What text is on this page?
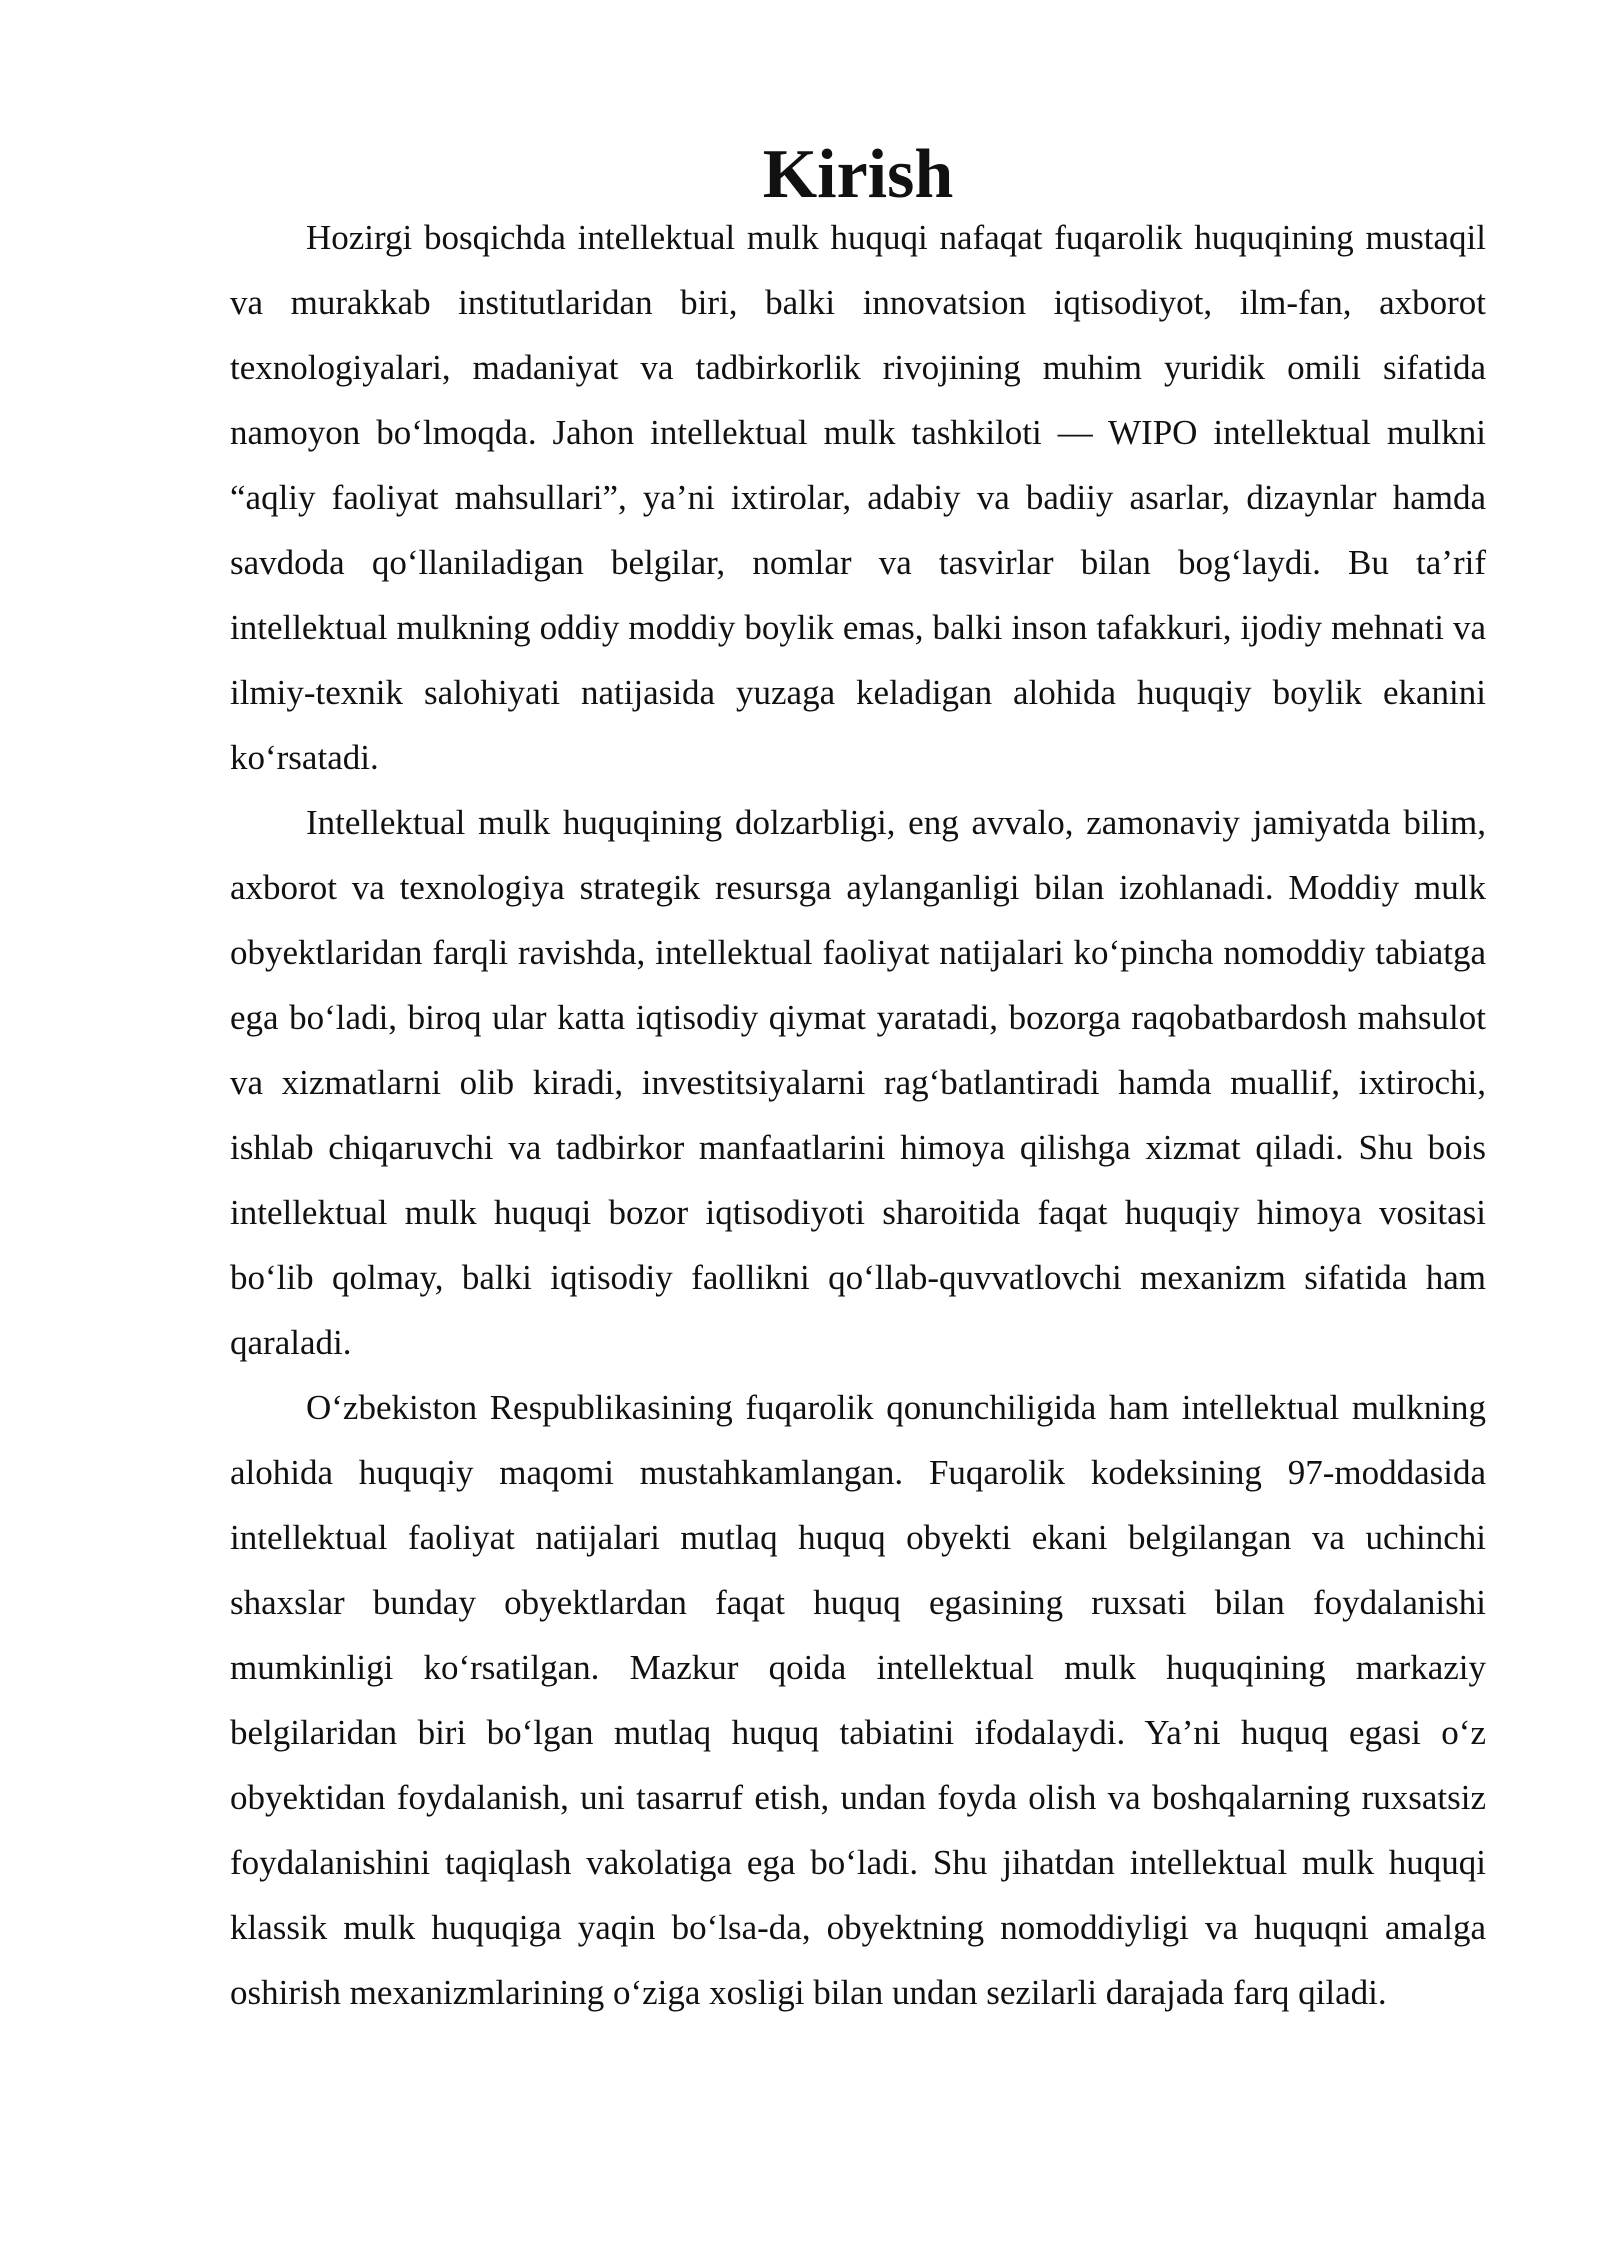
Kirish

Hozirgi bosqichda intellektual mulk huquqi nafaqat fuqarolik huquqining mustaqil va murakkab institutlaridan biri, balki innovatsion iqtisodiyot, ilm-fan, axborot texnologiyalari, madaniyat va tadbirkorlik rivojining muhim yuridik omili sifatida namoyon bo‘lmoqda. Jahon intellektual mulk tashkiloti — WIPO intellektual mulkni “aqliy faoliyat mahsullari”, ya’ni ixtirolar, adabiy va badiiy asarlar, dizaynlar hamda savdoda qo‘llaniladigan belgilar, nomlar va tasvirlar bilan bog‘laydi. Bu ta’rif intellektual mulkning oddiy moddiy boylik emas, balki inson tafakkuri, ijodiy mehnati va ilmiy-texnik salohiyati natijasida yuzaga keladigan alohida huquqiy boylik ekanini ko‘rsatadi.

Intellektual mulk huquqining dolzarbligi, eng avvalo, zamonaviy jamiyatda bilim, axborot va texnologiya strategik resursga aylanganligi bilan izohlanadi. Moddiy mulk obyektlaridan farqli ravishda, intellektual faoliyat natijalari ko‘pincha nomoddiy tabiatga ega bo‘ladi, biroq ular katta iqtisodiy qiymat yaratadi, bozorga raqobatbardosh mahsulot va xizmatlarni olib kiradi, investitsiyalarni rag‘batlantiradi hamda muallif, ixtirochi, ishlab chiqaruvchi va tadbirkor manfaatlarini himoya qilishga xizmat qiladi. Shu bois intellektual mulk huquqi bozor iqtisodiyoti sharoitida faqat huquqiy himoya vositasi bo‘lib qolmay, balki iqtisodiy faollikni qo‘llab-quvvatlovchi mexanizm sifatida ham qaraladi.

O‘zbekiston Respublikasining fuqarolik qonunchiligida ham intellektual mulkning alohida huquqiy maqomi mustahkamlangan. Fuqarolik kodeksining 97-moddasida intellektual faoliyat natijalari mutlaq huquq obyekti ekani belgilangan va uchinchi shaxslar bunday obyektlardan faqat huquq egasining ruxsati bilan foydalanishi mumkinligi ko‘rsatilgan. Mazkur qoida intellektual mulk huquqining markaziy belgilaridan biri bo‘lgan mutlaq huquq tabiatini ifodalaydi. Ya’ni huquq egasi o‘z obyektidan foydalanish, uni tasarruf etish, undan foyda olish va boshqalarning ruxsatsiz foydalanishini taqiqlash vakolatiga ega bo‘ladi. Shu jihatdan intellektual mulk huquqi klassik mulk huquqiga yaqin bo‘lsa-da, obyektning nomoddiyligi va huquqni amalga oshirish mexanizmlarining o‘ziga xosligi bilan undan sezilarli darajada farq qiladi.
